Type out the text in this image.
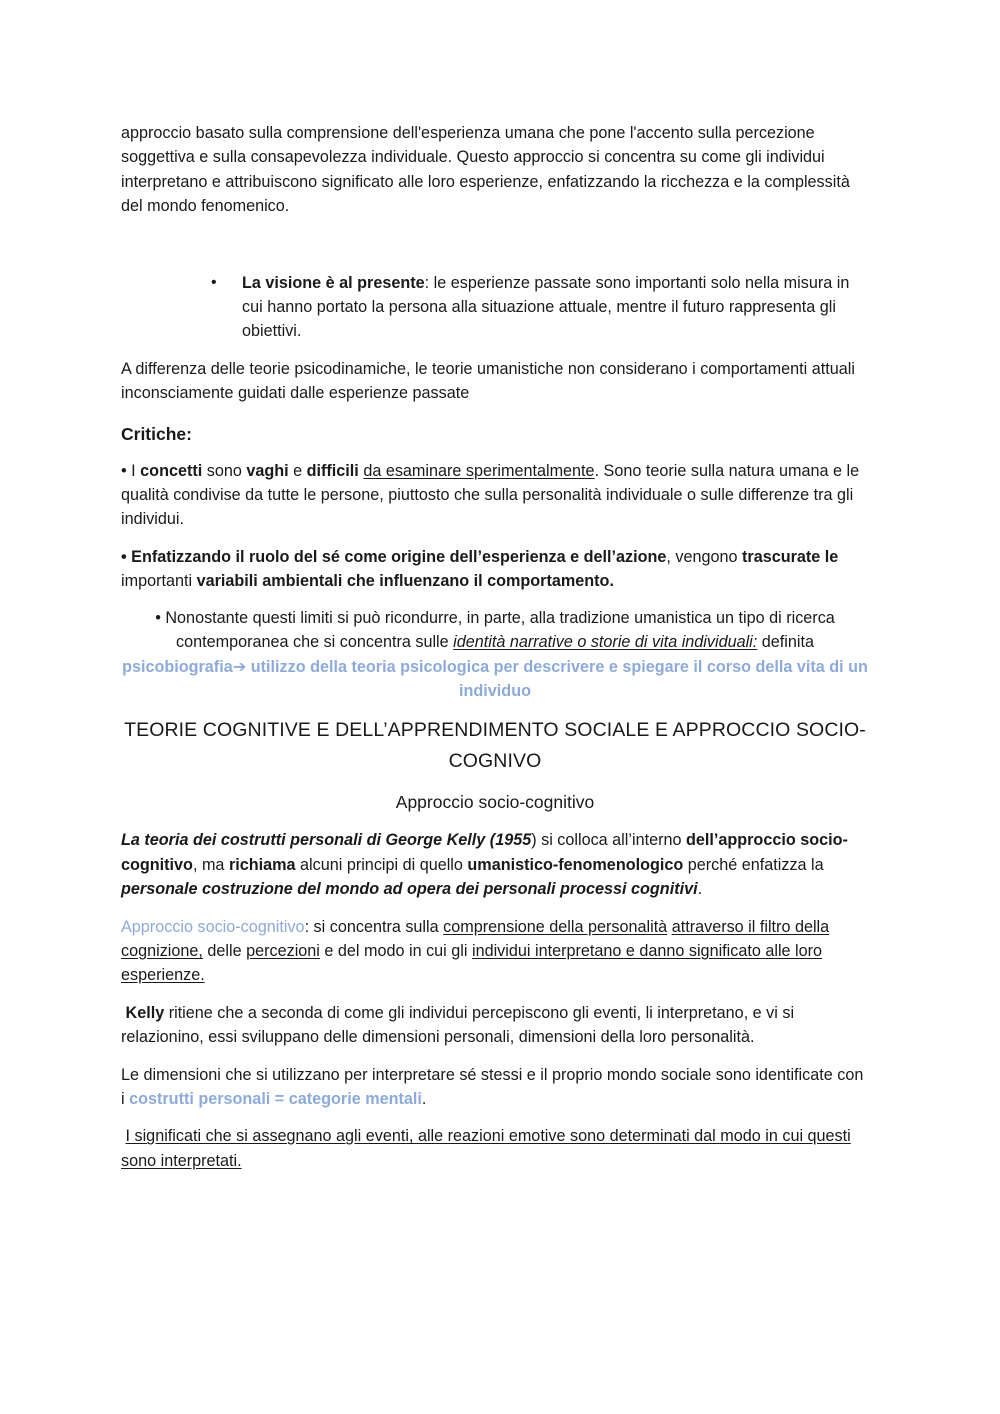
approccio basato sulla comprensione dell'esperienza umana che pone l'accento sulla percezione soggettiva e sulla consapevolezza individuale. Questo approccio si concentra su come gli individui interpretano e attribuiscono significato alle loro esperienze, enfatizzando la ricchezza e la complessità del mondo fenomenico.

• La visione è al presente: le esperienze passate sono importanti solo nella misura in cui hanno portato la persona alla situazione attuale, mentre il futuro rappresenta gli obiettivi.

A differenza delle teorie psicodinamiche, le teorie umanistiche non considerano i comportamenti attuali inconsciamente guidati dalle esperienze passate

Critiche:

• I concetti sono vaghi e difficili da esaminare sperimentalmente. Sono teorie sulla natura umana e le qualità condivise da tutte le persone, piuttosto che sulla personalità individuale o sulle differenze tra gli individui.

• Enfatizzando il ruolo del sé come origine dell’esperienza e dell’azione, vengono trascurate le importanti variabili ambientali che influenzano il comportamento.

• Nonostante questi limiti si può ricondurre, in parte, alla tradizione umanistica un tipo di ricerca contemporanea che si concentra sulle identità narrative o storie di vita individuali: definita psicobiografia➔ utilizzo della teoria psicologica per descrivere e spiegare il corso della vita di un individuo

TEORIE COGNITIVE E DELL’APPRENDIMENTO SOCIALE E APPROCCIO SOCIO-COGNIVO

Approccio socio-cognitivo

La teoria dei costrutti personali di George Kelly (1955) si colloca all’interno dell’approccio socio-cognitivo, ma richiama alcuni principi di quello umanistico-fenomenologico perché enfatizza la personale costruzione del mondo ad opera dei personali processi cognitivi.

Approccio socio-cognitivo: si concentra sulla comprensione della personalità attraverso il filtro della cognizione, delle percezioni e del modo in cui gli individui interpretano e danno significato alle loro esperienze.

Kelly ritiene che a seconda di come gli individui percepiscono gli eventi, li interpretano, e vi si relazionino, essi sviluppano delle dimensioni personali, dimensioni della loro personalità.

Le dimensioni che si utilizzano per interpretare sé stessi e il proprio mondo sociale sono identificate con i costrutti personali = categorie mentali.

I significati che si assegnano agli eventi, alle reazioni emotive sono determinati dal modo in cui questi sono interpretati.
